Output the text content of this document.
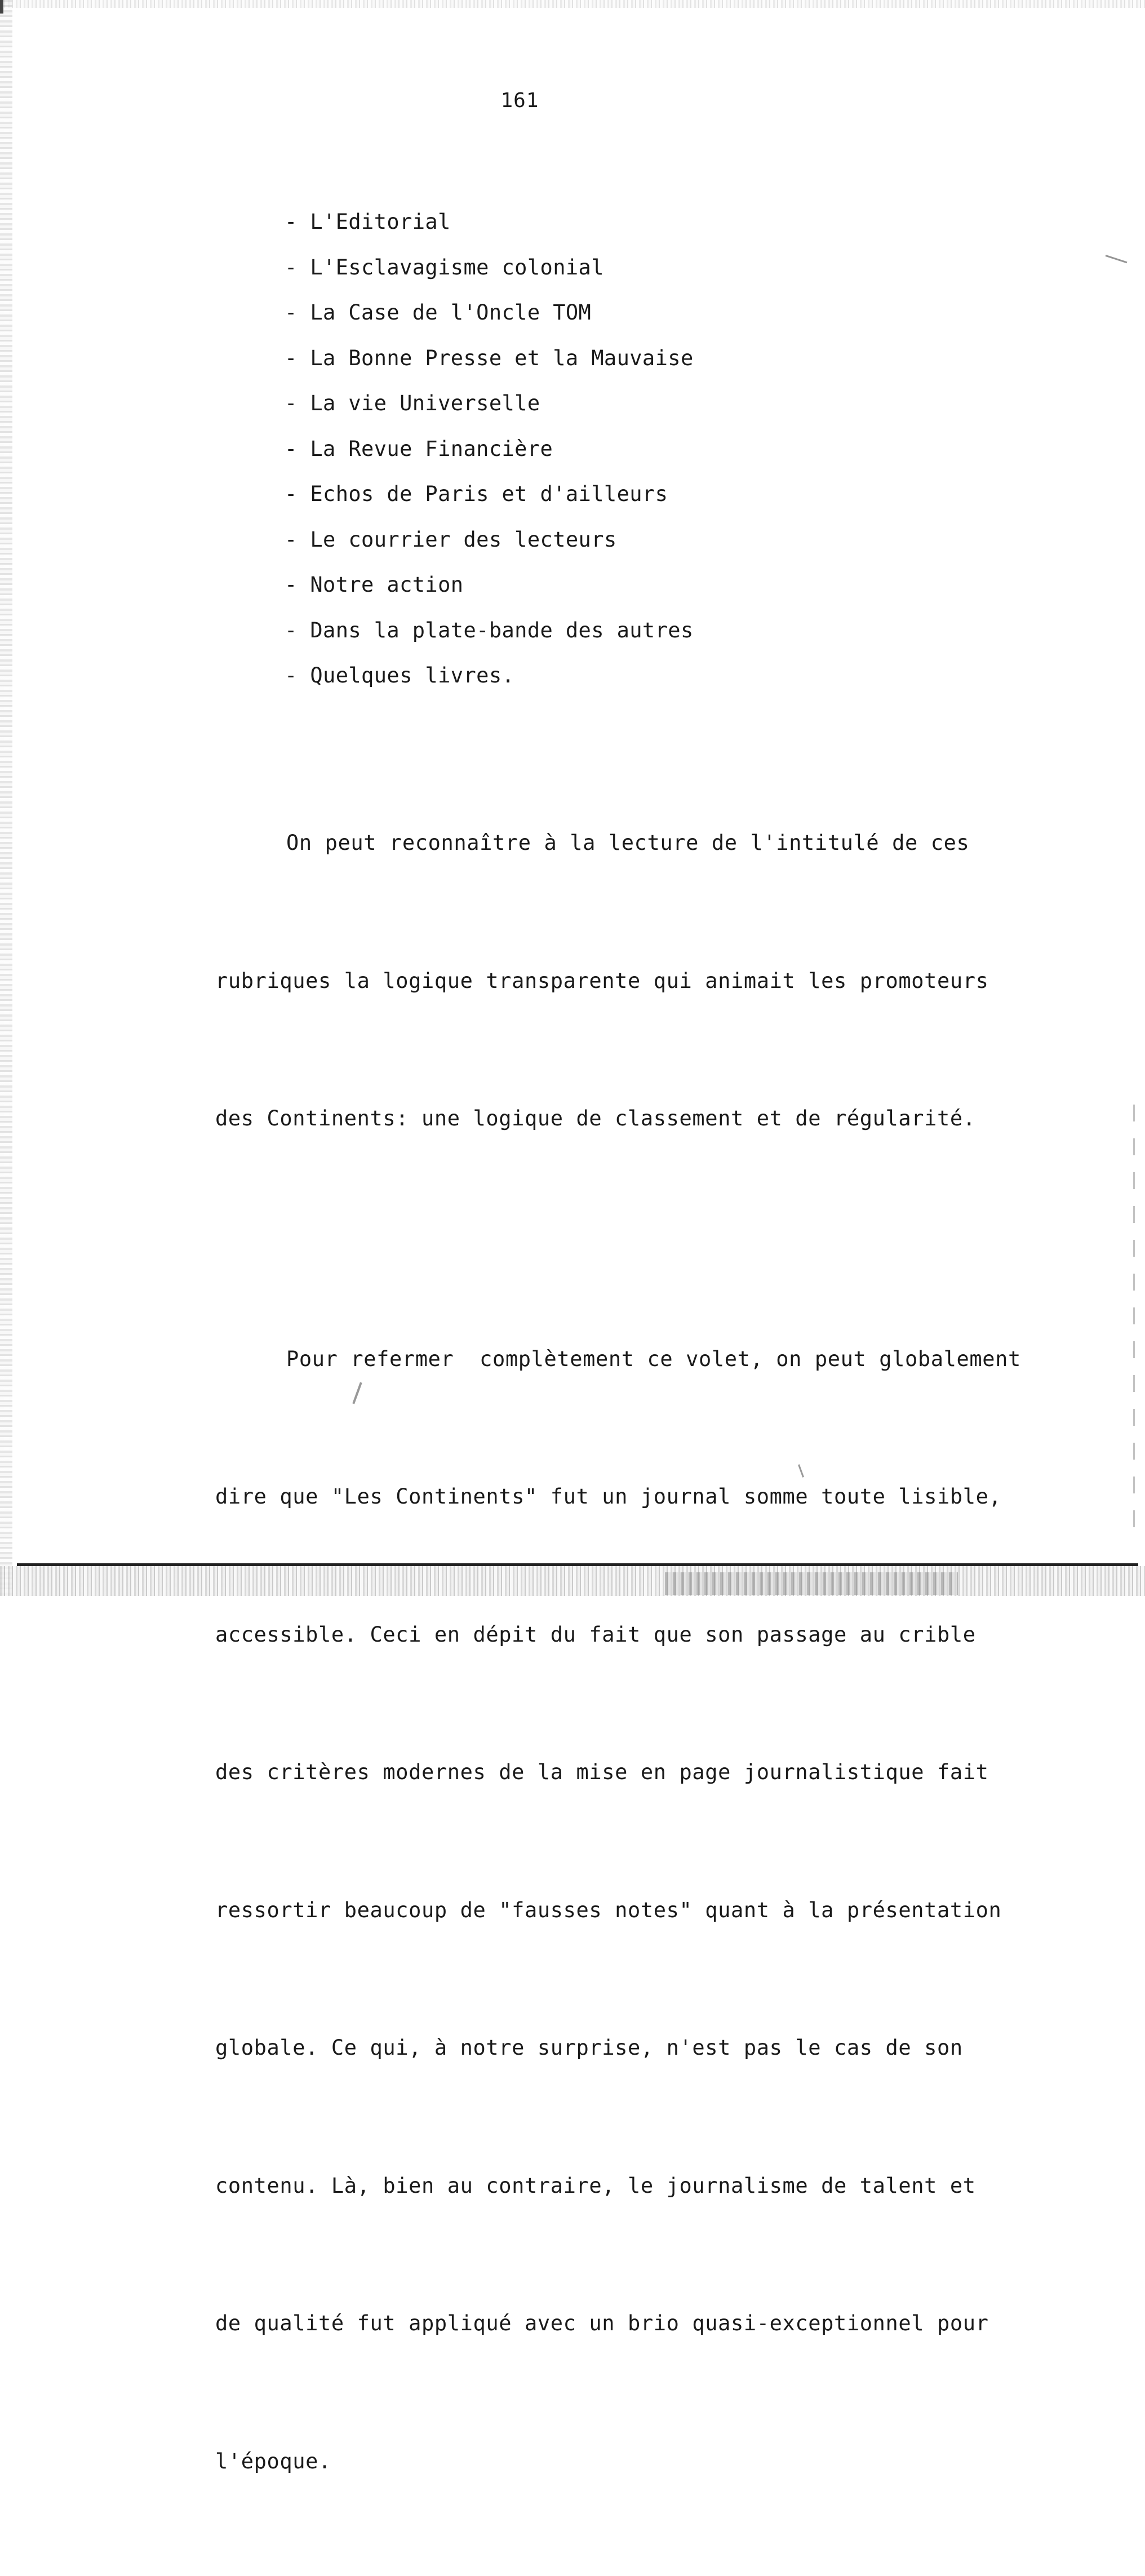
161
- L'Editorial
- L'Esclavagisme colonial
- La Case de l'Oncle TOM
- La Bonne Presse et la Mauvaise
- La vie Universelle
- La Revue Financière
- Echos de Paris et d'ailleurs
- Le courrier des lecteurs
- Notre action
- Dans la plate-bande des autres
- Quelques livres.

On peut reconnaître à la lecture de l'intitulé de ces

rubriques la logique transparente qui animait les promoteurs

des Continents: une logique de classement et de régularité.

Pour refermer  complètement ce volet, on peut globalement

dire que "Les Continents" fut un journal somme toute lisible,

accessible. Ceci en dépit du fait que son passage au crible

des critères modernes de la mise en page journalistique fait

ressortir beaucoup de "fausses notes" quant à la présentation

globale. Ce qui, à notre surprise, n'est pas le cas de son

contenu. Là, bien au contraire, le journalisme de talent et

de qualité fut appliqué avec un brio quasi-exceptionnel pour

l'époque.
